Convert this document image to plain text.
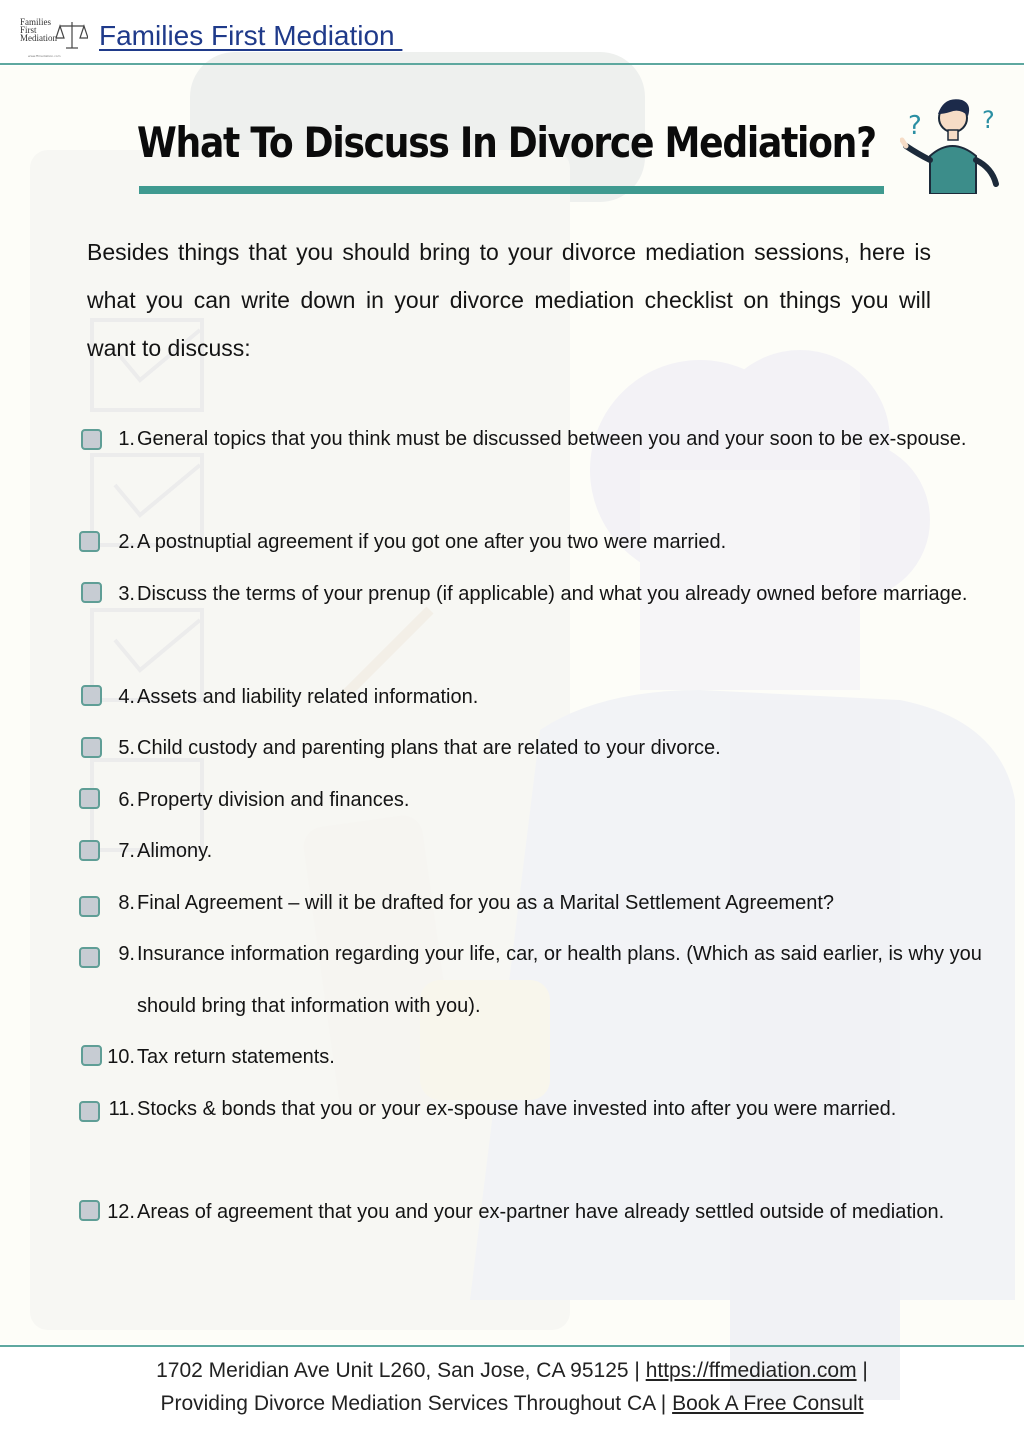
Families
First
Mediation
www.ffmediation.com
Families First Mediation
What To Discuss In Divorce Mediation? ?	?

Besides things that you should bring to your divorce mediation sessions, here is what you can write down in your divorce mediation checklist on things you will want to discuss:

1. General topics that you think must be discussed between you and your soon to be ex-spouse.
2. A postnuptial agreement if you got one after you two were married.
3. Discuss the terms of your prenup (if applicable) and what you already owned before marriage.
4. Assets and liability related information.
5. Child custody and parenting plans that are related to your divorce.
6. Property division and finances.
7. Alimony.
8. Final Agreement – will it be drafted for you as a Marital Settlement Agreement?
9. Insurance information regarding your life, car, or health plans. (Which as said earlier, is why you should bring that information with you).
10. Tax return statements.
11. Stocks & bonds that you or your ex-spouse have invested into after you were married.
12. Areas of agreement that you and your ex-partner have already settled outside of mediation.
1702 Meridian Ave Unit L260, San Jose, CA 95125 | https://ffmediation.com |
Providing Divorce Mediation Services Throughout CA | Book A Free Consult
